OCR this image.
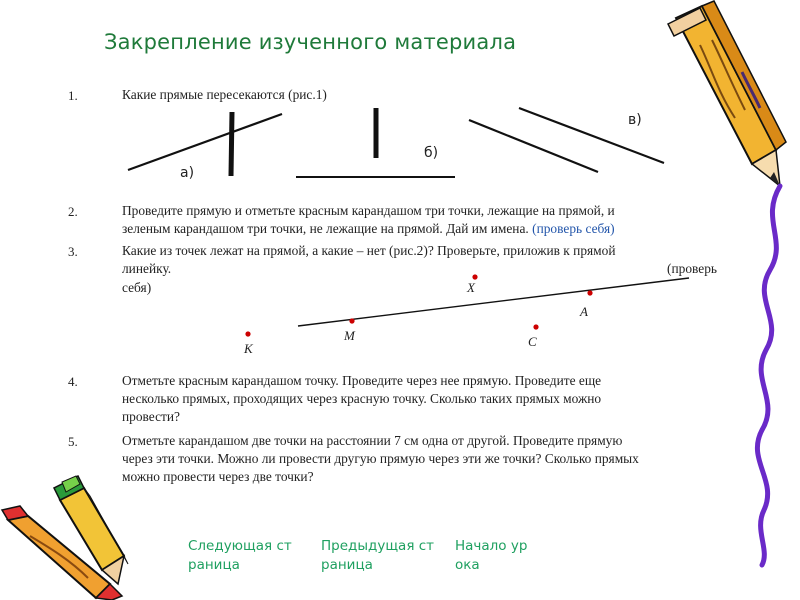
Закрепление изученного материала
1.	Какие прямые пересекаются (рис.1)
а)
б)
в)
2.	Проведите прямую и отметьте красным карандашом три точки, лежащие на прямой, и
зеленым карандашом три точки, не лежащие на прямой. Дай им имена. (проверь себя)
3.	Какие из точек лежат на прямой, а какие – нет (рис.2)? Проверьте, приложив к прямой
линейку.	(проверь
себя)	X
A
M
K	C
4.	Отметьте красным карандашом точку. Проведите через нее прямую. Проведите еще
несколько прямых, проходящих через красную точку. Сколько таких прямых можно
провести?
5.	Отметьте карандашом две точки на расстоянии 7 см одна от другой. Проведите прямую
через эти точки. Можно ли провести другую прямую через эти же точки? Сколько прямых
можно провести через две точки?
Следующая ст
раница
Предыдущая ст
раница
Начало ур
ока
